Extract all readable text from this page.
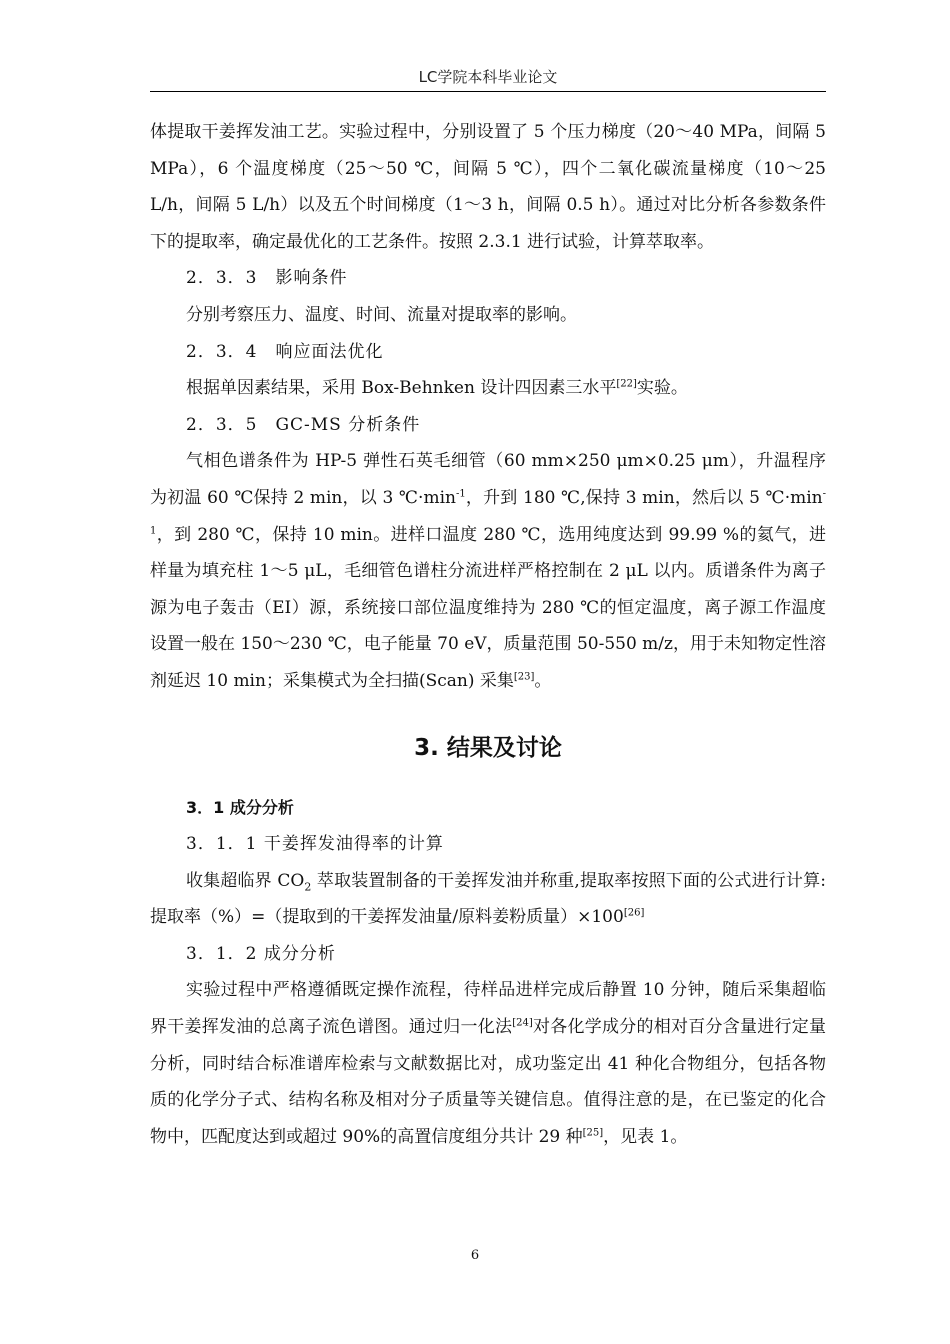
LC学院本科毕业论文

体提取干姜挥发油工艺。实验过程中，分别设置了 5 个压力梯度（20～40 MPa，间隔 5 MPa），6 个温度梯度（25～50 ℃，间隔 5 ℃），四个二氧化碳流量梯度（10～25 L/h，间隔 5 L/h）以及五个时间梯度（1～3 h，间隔 0.5 h）。通过对比分析各参数条件下的提取率，确定最优化的工艺条件。按照 2.3.1 进行试验，计算萃取率。

2．3．3　影响条件

分别考察压力、温度、时间、流量对提取率的影响。

2．3．4　响应面法优化

根据单因素结果，采用 Box-Behnken 设计四因素三水平[22]实验。

2．3．5　GC-MS 分析条件

气相色谱条件为 HP-5 弹性石英毛细管（60 mm×250 μm×0.25 μm），升温程序为初温 60 ℃保持 2 min，以 3 $℃\cdot\min^{-1}$，升到 180 ℃,保持 3 min，然后以 5 $℃\cdot\min^{-1}$，到 280 ℃，保持 10 min。进样口温度 280 ℃，选用纯度达到 99.99 %的氦气，进样量为填充柱 1～5 μL，毛细管色谱柱分流进样严格控制在 2 μL 以内。质谱条件为离子源为电子轰击（EI）源，系统接口部位温度维持为 280 ℃的恒定温度，离子源工作温度设置一般在 150～230 ℃，电子能量 70 eV，质量范围 50-550 m/z，用于未知物定性溶剂延迟 10 min；采集模式为全扫描(Scan) 采集[23]。

3. 结果及讨论

3．1 成分分析

3．1．1 干姜挥发油得率的计算

收集超临界 $CO_2$ 萃取装置制备的干姜挥发油并称重,提取率按照下面的公式进行计算:提取率（%）=（提取到的干姜挥发油量/原料姜粉质量）×100[26]

3．1．2 成分分析

实验过程中严格遵循既定操作流程，待样品进样完成后静置 10 分钟，随后采集超临界干姜挥发油的总离子流色谱图。通过归一化法[24]对各化学成分的相对百分含量进行定量分析，同时结合标准谱库检索与文献数据比对，成功鉴定出 41 种化合物组分，包括各物质的化学分子式、结构名称及相对分子质量等关键信息。值得注意的是，在已鉴定的化合物中，匹配度达到或超过 90%的高置信度组分共计 29 种[25]，见表 1。

6
